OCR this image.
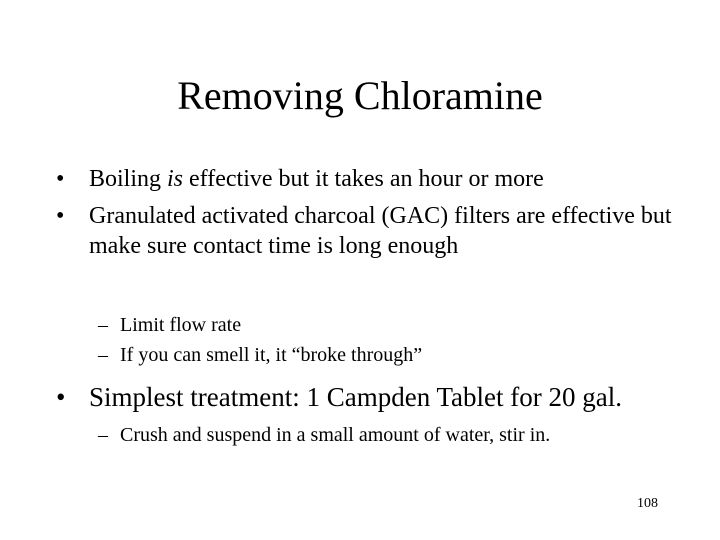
Removing Chloramine
•	Boiling is effective but it takes an hour or more
•	Granulated activated charcoal (GAC) filters are effective but make sure contact time is long enough
– Limit flow rate
– If you can smell it, it “broke through”
• Simplest treatment: 1 Campden Tablet for 20 gal.
– Crush and suspend in a small amount of water, stir in.
108
